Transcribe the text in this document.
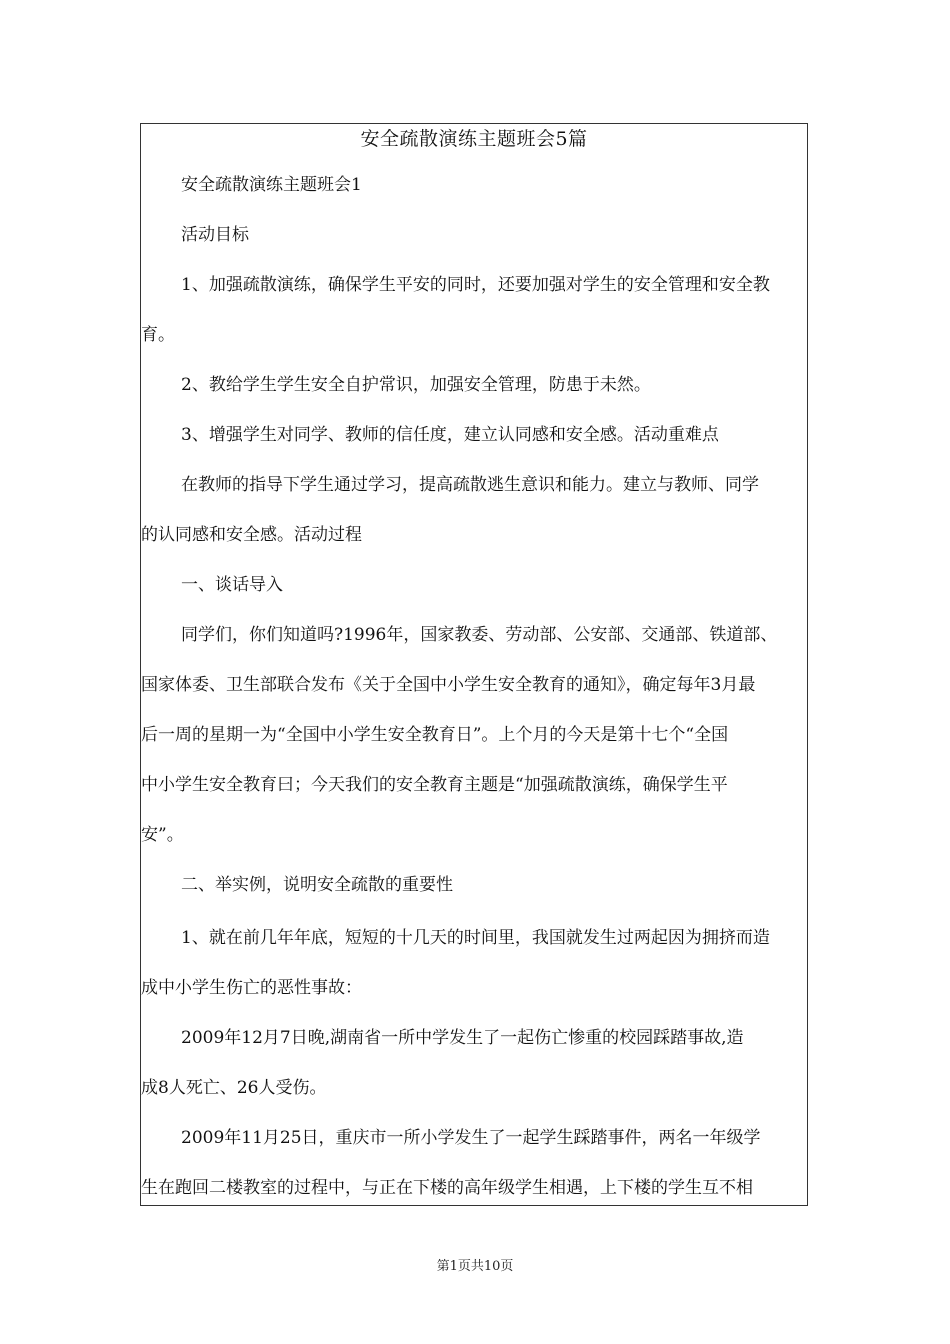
安全疏散演练主题班会5篇

安全疏散演练主题班会1

活动目标

1、加强疏散演练，确保学生平安的同时，还要加强对学生的安全管理和安全教

育。

2、教给学生学生安全自护常识，加强安全管理，防患于未然。

3、增强学生对同学、教师的信任度，建立认同感和安全感。活动重难点

在教师的指导下学生通过学习，提高疏散逃生意识和能力。建立与教师、同学

的认同感和安全感。活动过程

一、谈话导入

同学们，你们知道吗?1996年，国家教委、劳动部、公安部、交通部、铁道部、

国家体委、卫生部联合发布《关于全国中小学生安全教育的通知》，确定每年3月最

后一周的星期一为“全国中小学生安全教育日”。上个月的今天是第十七个“全国

中小学生安全教育曰；今天我们的安全教育主题是“加强疏散演练，确保学生平

安”。

二、举实例，说明安全疏散的重要性

1、就在前几年年底，短短的十几天的时间里，我国就发生过两起因为拥挤而造

成中小学生伤亡的恶性事故：

2009年12月7日晚,湖南省一所中学发生了一起伤亡惨重的校园踩踏事故,造

成8人死亡、26人受伤。

2009年11月25日，重庆市一所小学发生了一起学生踩踏事件，两名一年级学

生在跑回二楼教室的过程中，与正在下楼的高年级学生相遇，上下楼的学生互不相

第1页共10页
